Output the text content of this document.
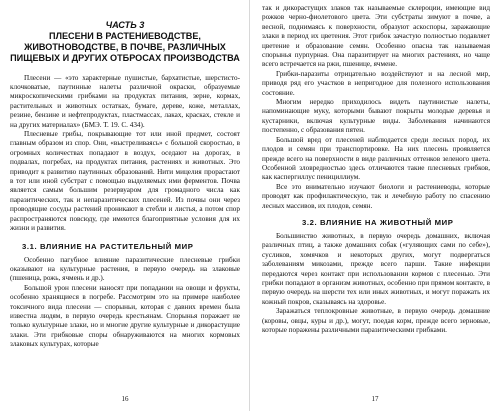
ЧАСТЬ 3
ПЛЕСЕНИ В РАСТЕНИЕВОДСТВЕ,
ЖИВОТНОВОДСТВЕ, В ПОЧВЕ, РАЗЛИЧНЫХ
ПИЩЕВЫХ И ДРУГИХ ОТБРОСАХ ПРОИЗВОДСТВА

Плесени — «это характерные пушистые, бархатистые, шерстисто-клочковатые, паутинные налеты различной окраски, образуемые микроскопическими грибками на продуктах питания, зерне, кормах, растительных и животных остатках, бумаге, дереве, коже, металлах, резине, бензине и нефтепродуктах, пластмассах, лаках, красках, стекле и на других материалах» (БМЭ. Т. 19. С. 434).

Плесневые грибы, покрывающие тот или иной предмет, состоят главным образом из спор. Они, «выстреливаясь» с большой скоростью, в огромных количествах попадают в воздух, оседают на дорогах, в подвалах, погребах, на продуктах питания, растениях и животных. Это приводит к развитию паутинных образований. Нити мицелия прорастают в тот или иной субстрат с помощью выделяемых ими ферментов. Почва является самым большим резервуаром для громадного числа как паразитических, так и непаразитических плесеней. Из почвы они через проводящие сосуды растений проникают в стебли и листья, а потом спор распространяются повсюду, где имеются благоприятные условия для их жизни и развития.

3.1. ВЛИЯНИЕ НА РАСТИТЕЛЬНЫЙ МИР

Особенно пагубное влияние паразитические плесневые грибки оказывают на культурные растения, в первую очередь на злаковые (пшеница, рожь, ячмень и др.).

Большой урон плесени наносят при попадании на овощи и фрукты, особенно хранящиеся в погребе. Рассмотрим это на примере наиболее токсичного вида плесени — спорыньи, которая с давних времен была известна людям, в первую очередь крестьянам. Спорынья поражает не только культурные злаки, но и многие другие культурные и дикорастущие злаки. Эти грибковые споры обнаруживаются на многих кормовых злаковых культурах, которые

16

так и дикорастущих злаков так называемые склероции, имеющие вид рожков черно-фиолетового цвета. Эти субстраты зимуют в почве, а весной, поднимаясь к поверхности, образуют аскоспоры, заражающие злаки в период их цветения. Этот грибок зачастую полностью подавляет цветение и образование семян. Особенно опасна так называемая спорынья пурпурная. Она паразитирует на многих растениях, но чаще всего встречается на ржи, пшенице, ячмене.

Грибки-паразиты отрицательно воздействуют и на лесной мир, приводя ряд его участков в непригодное для полезного использования состояние.

Многим нередко приходилось видеть паутинистые налеты, напоминающие муку, которыми бывают покрыты молодые деревья и кустарники, включая культурные виды. Заболевания начинаются постепенно, с образования пятен.

Большой вред от плесеней наблюдается среди лесных пород, их плодов и семян при транспортировке. На них плесень проявляется прежде всего на поверхности в виде различных оттенков зеленого цвета. Особенной зловредностью здесь отличаются такие плесневых грибков, как каспергиллус пенициллиум.

Все это внимательно изучают биологи и растениеводы, которые проводят как профилактическую, так и лечебную работу по спасению лесных массивов, их плодов, семян.

3.2. ВЛИЯНИЕ НА ЖИВОТНЫЙ МИР

Большинство животных, в первую очередь домашних, включая различных птиц, а также домашних собак («гуляющих сами по себе»), сусликов, хомячков и некоторых других, могут подвергаться заболеваниям микозами, прежде всего парши. Такие инфекции передаются через контакт при использовании кормов с плесенью. Эти грибки попадают в организм животных, особенно при прямом контакте, в первую очередь на шерсти тех или иных животных, и могут поражать их кожный покров, сказываясь на здоровье.

Заражаться теплокровные животные, в первую очередь домашние (коровы, овцы, куры и др.), могут, поедая корм, прежде всего зерновые, которые поражены различными паразитическими грибками.

17
